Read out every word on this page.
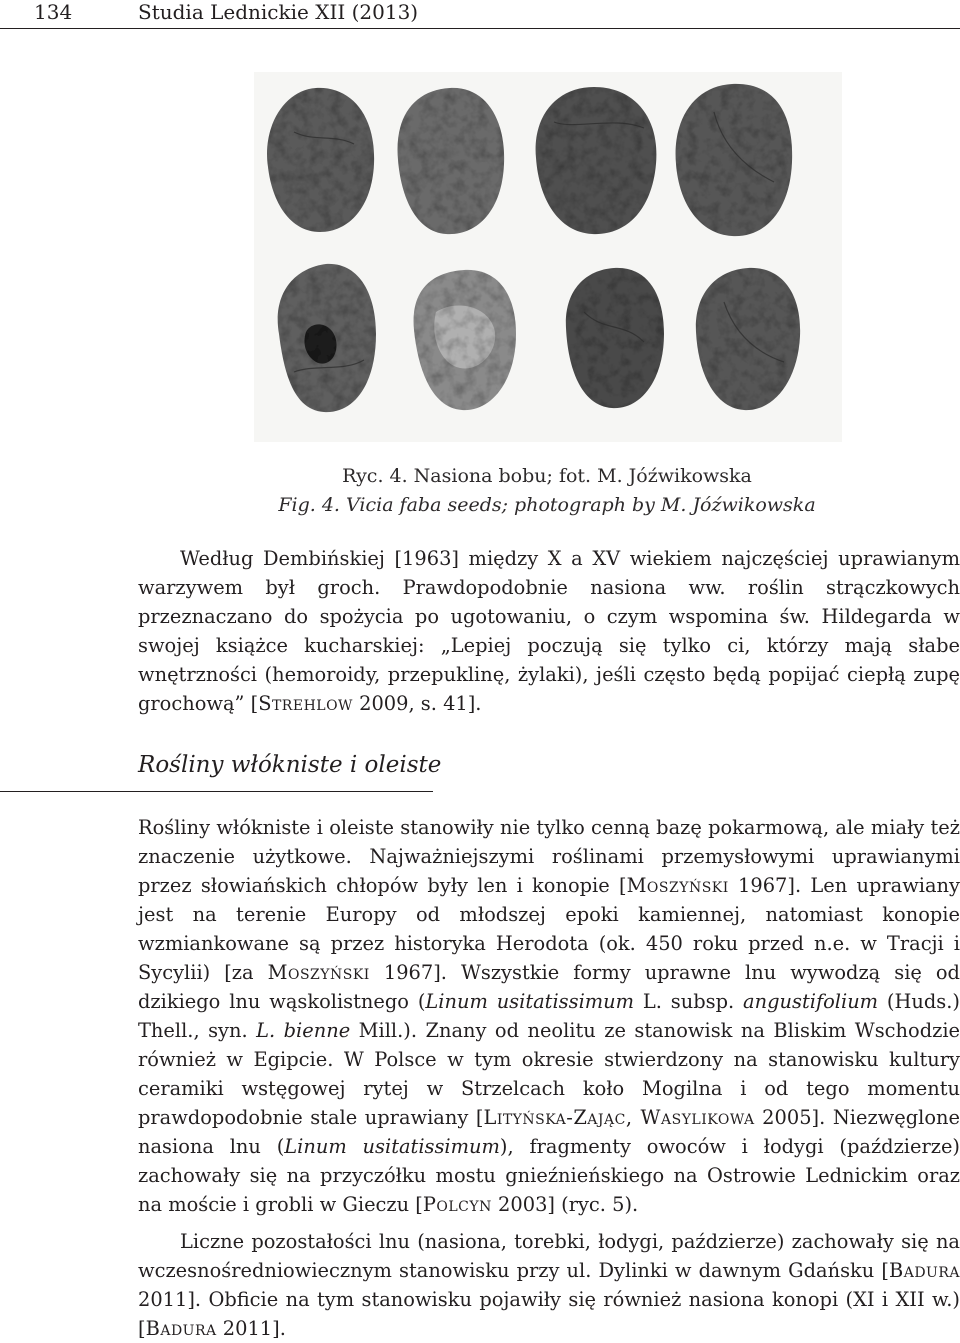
134	Studia Lednickie XII (2013)
Ryc. 4. Nasiona bobu; fot. M. Jóźwikowska
Fig. 4. Vicia faba seeds; photograph by M. Jóźwikowska
Według Dembińskiej [1963] między X a XV wiekiem najczęściej uprawianym warzywem był groch. Prawdopodobnie nasiona ww. roślin strączkowych przeznaczano do spożycia po ugotowaniu, o czym wspomina św. Hildegarda w swojej książce kucharskiej: „Lepiej poczują się tylko ci, którzy mają słabe wnętrzności (hemoroidy, przepuklinę, żylaki), jeśli często będą popijać ciepłą zupę grochową” [Strehlow 2009, s. 41].
Rośliny włókniste i oleiste
Rośliny włókniste i oleiste stanowiły nie tylko cenną bazę pokarmową, ale miały też znaczenie użytkowe. Najważniejszymi roślinami przemysłowymi uprawianymi przez słowiańskich chłopów były len i konopie [Moszyński 1967]. Len uprawiany jest na terenie Europy od młodszej epoki kamiennej, natomiast konopie wzmiankowane są przez historyka Herodota (ok. 450 roku przed n.e. w Tracji i Sycylii) [za Moszyński 1967]. Wszystkie formy uprawne lnu wywodzą się od dzikiego lnu wąskolistnego (Linum usitatissimum L. subsp. angustifolium (Huds.) Thell., syn. L. bienne Mill.). Znany od neolitu ze stanowisk na Bliskim Wschodzie również w Egipcie. W Polsce w tym okresie stwierdzony na stanowisku kultury ceramiki wstęgowej rytej w Strzelcach koło Mogilna i od tego momentu prawdopodobnie stale uprawiany [Lityńska-Zając, Wasylikowa 2005]. Niezwęglone nasiona lnu (Linum usitatissimum), fragmenty owoców i łodygi (paździerze) zachowały się na przyczółku mostu gnieźnieńskiego na Ostrowie Lednickim oraz na moście i grobli w Gieczu [Polcyn 2003] (ryc. 5).
Liczne pozostałości lnu (nasiona, torebki, łodygi, paździerze) zachowały się na wczesnośredniowiecznym stanowisku przy ul. Dylinki w dawnym Gdańsku [Badura 2011]. Obficie na tym stanowisku pojawiły się również nasiona konopi (XI i XII w.) [Badura 2011].
